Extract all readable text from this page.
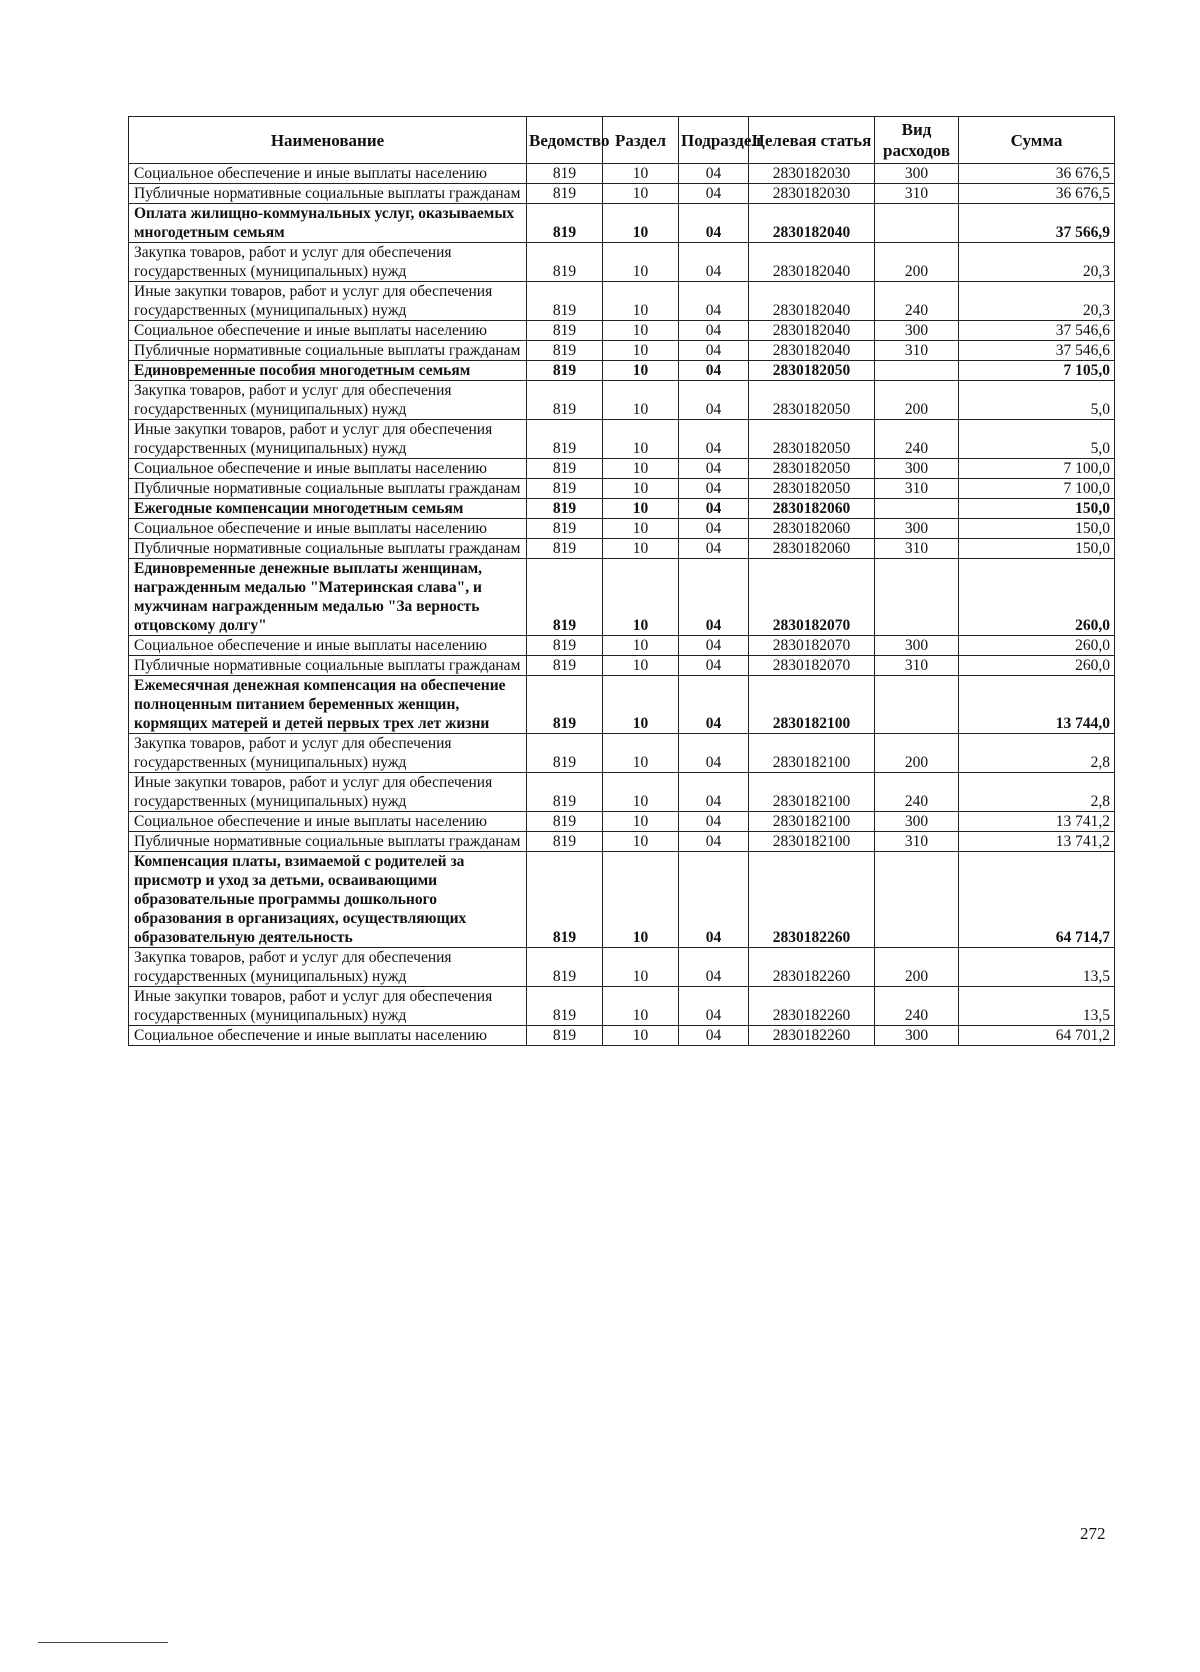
Наименование	Ведомство	Раздел	Подраздел	Целевая статья	Вид расходов	Сумма
Социальное обеспечение и иные выплаты населению	819	10	04	2830182030	300	36 676,5
Публичные нормативные социальные выплаты гражданам	819	10	04	2830182030	310	36 676,5
Оплата жилищно-коммунальных услуг, оказываемых многодетным семьям	819	10	04	2830182040		37 566,9
Закупка товаров, работ и услуг для обеспечения государственных (муниципальных) нужд	819	10	04	2830182040	200	20,3
Иные закупки товаров, работ и услуг для обеспечения государственных (муниципальных) нужд	819	10	04	2830182040	240	20,3
Социальное обеспечение и иные выплаты населению	819	10	04	2830182040	300	37 546,6
Публичные нормативные социальные выплаты гражданам	819	10	04	2830182040	310	37 546,6
Единовременные пособия многодетным семьям	819	10	04	2830182050		7 105,0
Закупка товаров, работ и услуг для обеспечения государственных (муниципальных) нужд	819	10	04	2830182050	200	5,0
Иные закупки товаров, работ и услуг для обеспечения государственных (муниципальных) нужд	819	10	04	2830182050	240	5,0
Социальное обеспечение и иные выплаты населению	819	10	04	2830182050	300	7 100,0
Публичные нормативные социальные выплаты гражданам	819	10	04	2830182050	310	7 100,0
Ежегодные компенсации многодетным семьям	819	10	04	2830182060		150,0
Социальное обеспечение и иные выплаты населению	819	10	04	2830182060	300	150,0
Публичные нормативные социальные выплаты гражданам	819	10	04	2830182060	310	150,0
Единовременные денежные выплаты женщинам, награжденным медалью "Материнская слава", и мужчинам награжденным медалью "За верность отцовскому долгу"	819	10	04	2830182070		260,0
Социальное обеспечение и иные выплаты населению	819	10	04	2830182070	300	260,0
Публичные нормативные социальные выплаты гражданам	819	10	04	2830182070	310	260,0
Ежемесячная денежная компенсация на обеспечение полноценным питанием беременных женщин, кормящих матерей и детей первых трех лет жизни	819	10	04	2830182100		13 744,0
Закупка товаров, работ и услуг для обеспечения государственных (муниципальных) нужд	819	10	04	2830182100	200	2,8
Иные закупки товаров, работ и услуг для обеспечения государственных (муниципальных) нужд	819	10	04	2830182100	240	2,8
Социальное обеспечение и иные выплаты населению	819	10	04	2830182100	300	13 741,2
Публичные нормативные социальные выплаты гражданам	819	10	04	2830182100	310	13 741,2
Компенсация платы, взимаемой с родителей за присмотр и уход за детьми, осваивающими образовательные программы дошкольного образования в организациях, осуществляющих образовательную деятельность	819	10	04	2830182260		64 714,7
Закупка товаров, работ и услуг для обеспечения государственных (муниципальных) нужд	819	10	04	2830182260	200	13,5
Иные закупки товаров, работ и услуг для обеспечения государственных (муниципальных) нужд	819	10	04	2830182260	240	13,5
Социальное обеспечение и иные выплаты населению	819	10	04	2830182260	300	64 701,2
272
